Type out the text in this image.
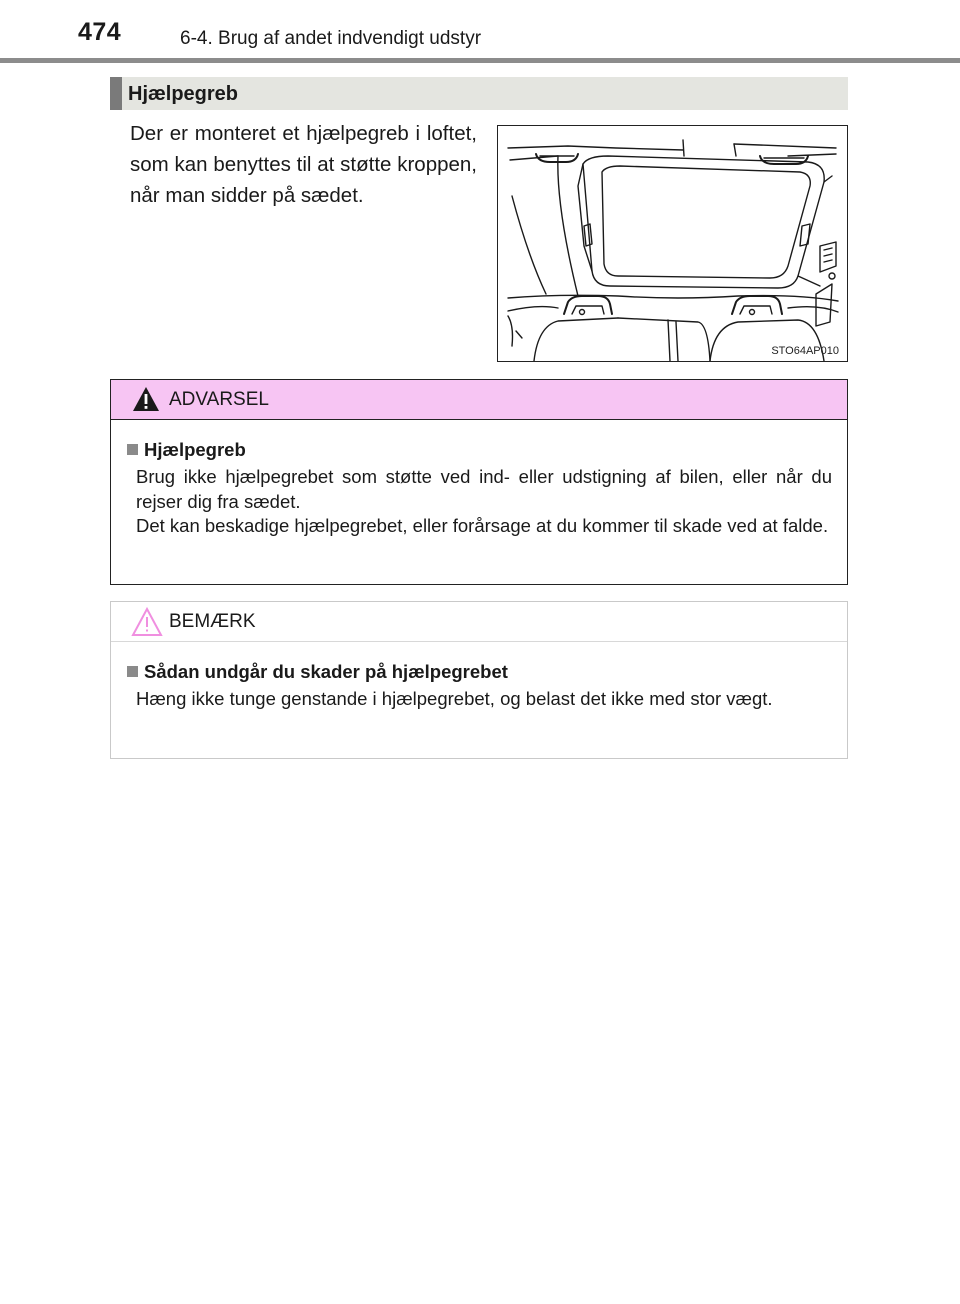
474	6-4. Brug af andet indvendigt udstyr
Hjælpegreb
Der er monteret et hjælpegreb i loftet, som kan benyttes til at støtte kroppen, når man sidder på sædet.
STO64AP010
ADVARSEL
Hjælpegreb

Brug ikke hjælpegrebet som støtte ved ind- eller udstigning af bilen, eller når du rejser dig fra sædet.

Det kan beskadige hjælpegrebet, eller forårsage at du kommer til skade ved at falde.

BEMÆRK
Sådan undgår du skader på hjælpegrebet

Hæng ikke tunge genstande i hjælpegrebet, og belast det ikke med stor vægt.
